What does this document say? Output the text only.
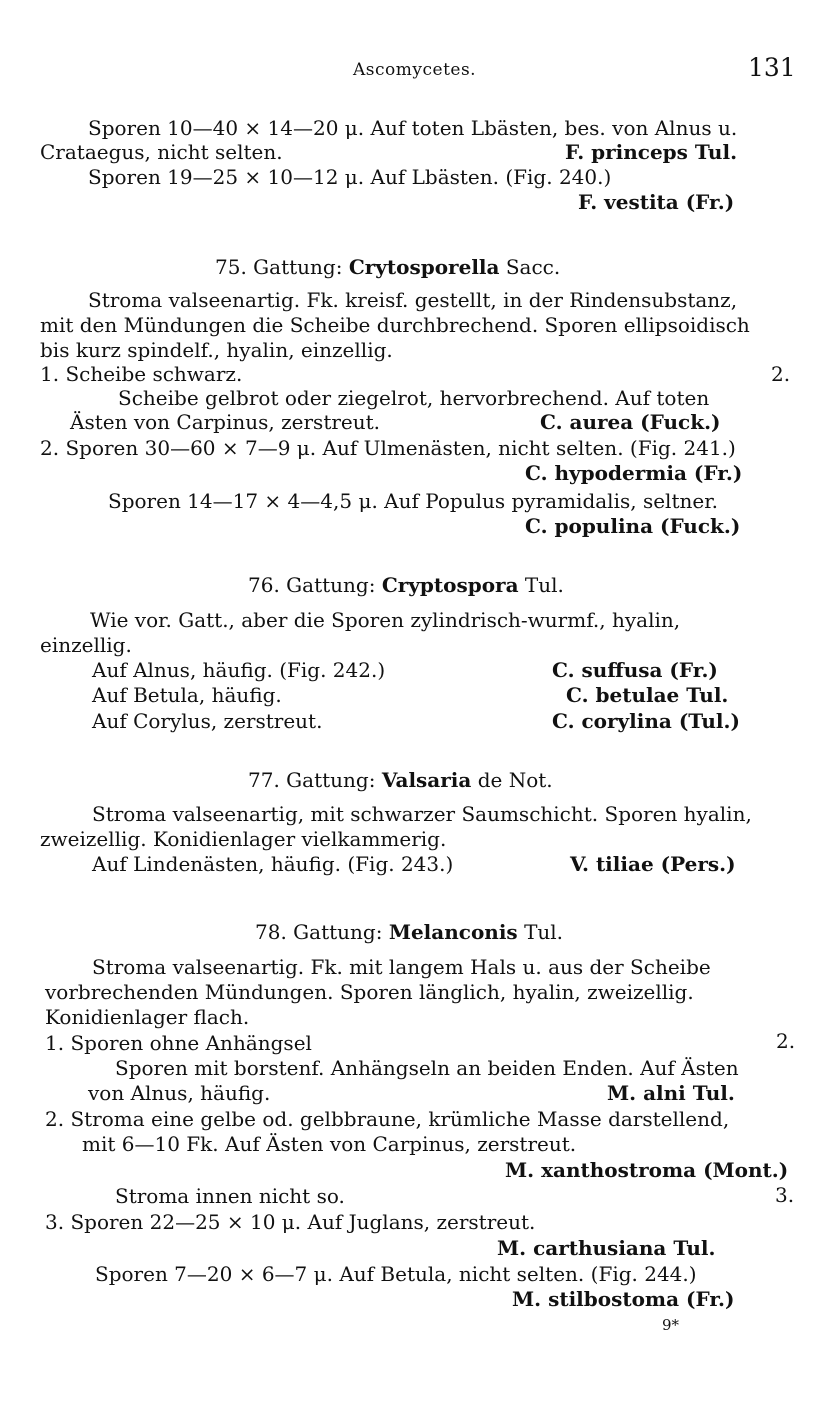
Ascomycetes.	131
Sporen 10—40 × 14—20 μ. Auf toten Lbästen, bes. von Alnus u.
Crataegus, nicht selten.	F. princeps Tul.
Sporen 19—25 × 10—12 μ. Auf Lbästen. (Fig. 240.)
F. vestita (Fr.)
75. Gattung: Crytosporella Sacc.
Stroma valseenartig. Fk. kreisf. gestellt, in der Rindensubstanz,
mit den Mündungen die Scheibe durchbrechend. Sporen ellipsoidisch
bis kurz spindelf., hyalin, einzellig.
1. Scheibe schwarz.	2.
Scheibe gelbrot oder ziegelrot, hervorbrechend. Auf toten
Ästen von Carpinus, zerstreut.	C. aurea (Fuck.)
2. Sporen 30—60 × 7—9 μ. Auf Ulmenästen, nicht selten. (Fig. 241.)
C. hypodermia (Fr.)
Sporen 14—17 × 4—4,5 μ. Auf Populus pyramidalis, seltner.
C. populina (Fuck.)
76. Gattung: Cryptospora Tul.
Wie vor. Gatt., aber die Sporen zylindrisch-wurmf., hyalin,
einzellig.
Auf Alnus, häufig. (Fig. 242.)	C. suffusa (Fr.)
Auf Betula, häufig.	C. betulae Tul.
Auf Corylus, zerstreut.	C. corylina (Tul.)
77. Gattung: Valsaria de Not.
Stroma valseenartig, mit schwarzer Saumschicht. Sporen hyalin,
zweizellig. Konidienlager vielkammerig.
Auf Lindenästen, häufig. (Fig. 243.)	V. tiliae (Pers.)
78. Gattung: Melanconis Tul.
Stroma valseenartig. Fk. mit langem Hals u. aus der Scheibe
vorbrechenden Mündungen. Sporen länglich, hyalin, zweizellig.
Konidienlager flach.
1. Sporen ohne Anhängsel	2.
Sporen mit borstenf. Anhängseln an beiden Enden. Auf Ästen
von Alnus, häufig.	M. alni Tul.
2. Stroma eine gelbe od. gelbbraune, krümliche Masse darstellend,
mit 6—10 Fk. Auf Ästen von Carpinus, zerstreut.
M. xanthostroma (Mont.)
Stroma innen nicht so.	3.
3. Sporen 22—25 × 10 μ. Auf Juglans, zerstreut.
M. carthusiana Tul.
Sporen 7—20 × 6—7 μ. Auf Betula, nicht selten. (Fig. 244.)
M. stilbostoma (Fr.)
9*
